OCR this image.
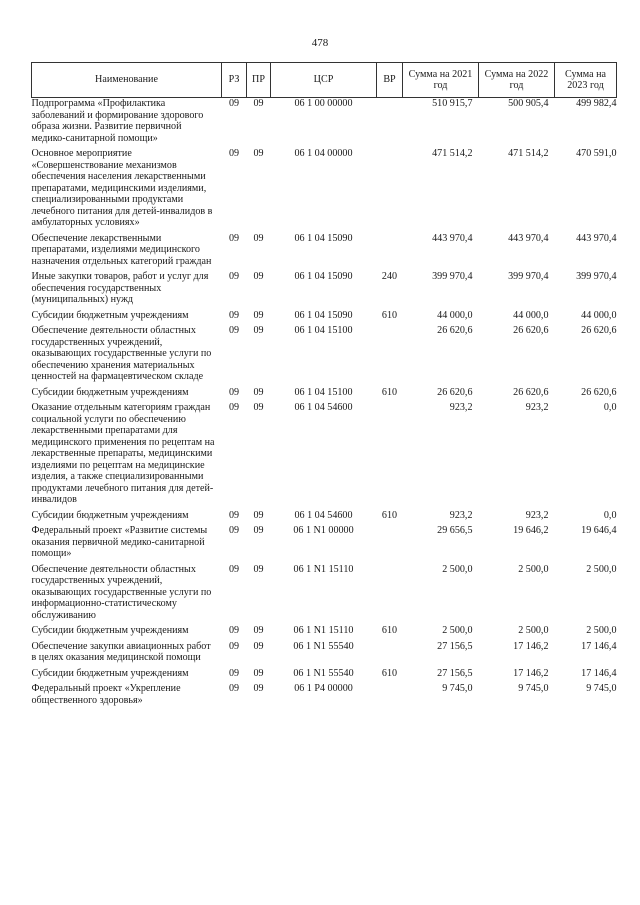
478
Наименование	РЗ	ПР	ЦСР	ВР	Сумма на 2021 год	Сумма на 2022 год	Сумма на 2023 год
Подпрограмма «Профилактика заболеваний и формирование здорового образа жизни. Развитие первичной медико-санитарной помощи»	09	09	06 1 00 00000		510 915,7	500 905,4	499 982,4
Основное мероприятие «Совершенствование механизмов обеспечения населения лекарственными препаратами, медицинскими изделиями, специализированными продуктами лечебного питания для детей-инвалидов в амбулаторных условиях»	09	09	06 1 04 00000		471 514,2	471 514,2	470 591,0
Обеспечение лекарственными препаратами, изделиями медицинского назначения отдельных категорий граждан	09	09	06 1 04 15090		443 970,4	443 970,4	443 970,4
Иные закупки товаров, работ и услуг для обеспечения государственных (муниципальных) нужд	09	09	06 1 04 15090	240	399 970,4	399 970,4	399 970,4
Субсидии бюджетным учреждениям	09	09	06 1 04 15090	610	44 000,0	44 000,0	44 000,0
Обеспечение деятельности областных государственных учреждений, оказывающих государственные услуги по обеспечению хранения материальных ценностей на фармацевтическом складе	09	09	06 1 04 15100		26 620,6	26 620,6	26 620,6
Субсидии бюджетным учреждениям	09	09	06 1 04 15100	610	26 620,6	26 620,6	26 620,6
Оказание отдельным категориям граждан социальной услуги по обеспечению лекарственными препаратами для медицинского применения по рецептам на лекарственные препараты, медицинскими изделиями по рецептам на медицинские изделия, а также специализированными продуктами лечебного питания для детей-инвалидов	09	09	06 1 04 54600		923,2	923,2	0,0
Субсидии бюджетным учреждениям	09	09	06 1 04 54600	610	923,2	923,2	0,0
Федеральный проект «Развитие системы оказания первичной медико-санитарной помощи»	09	09	06 1 N1 00000		29 656,5	19 646,2	19 646,4
Обеспечение деятельности областных государственных учреждений, оказывающих государственные услуги по информационно-статистическому обслуживанию	09	09	06 1 N1 15110		2 500,0	2 500,0	2 500,0
Субсидии бюджетным учреждениям	09	09	06 1 N1 15110	610	2 500,0	2 500,0	2 500,0
Обеспечение закупки авиационных работ в целях оказания медицинской помощи	09	09	06 1 N1 55540		27 156,5	17 146,2	17 146,4
Субсидии бюджетным учреждениям	09	09	06 1 N1 55540	610	27 156,5	17 146,2	17 146,4
Федеральный проект «Укрепление общественного здоровья»	09	09	06 1 P4 00000		9 745,0	9 745,0	9 745,0
